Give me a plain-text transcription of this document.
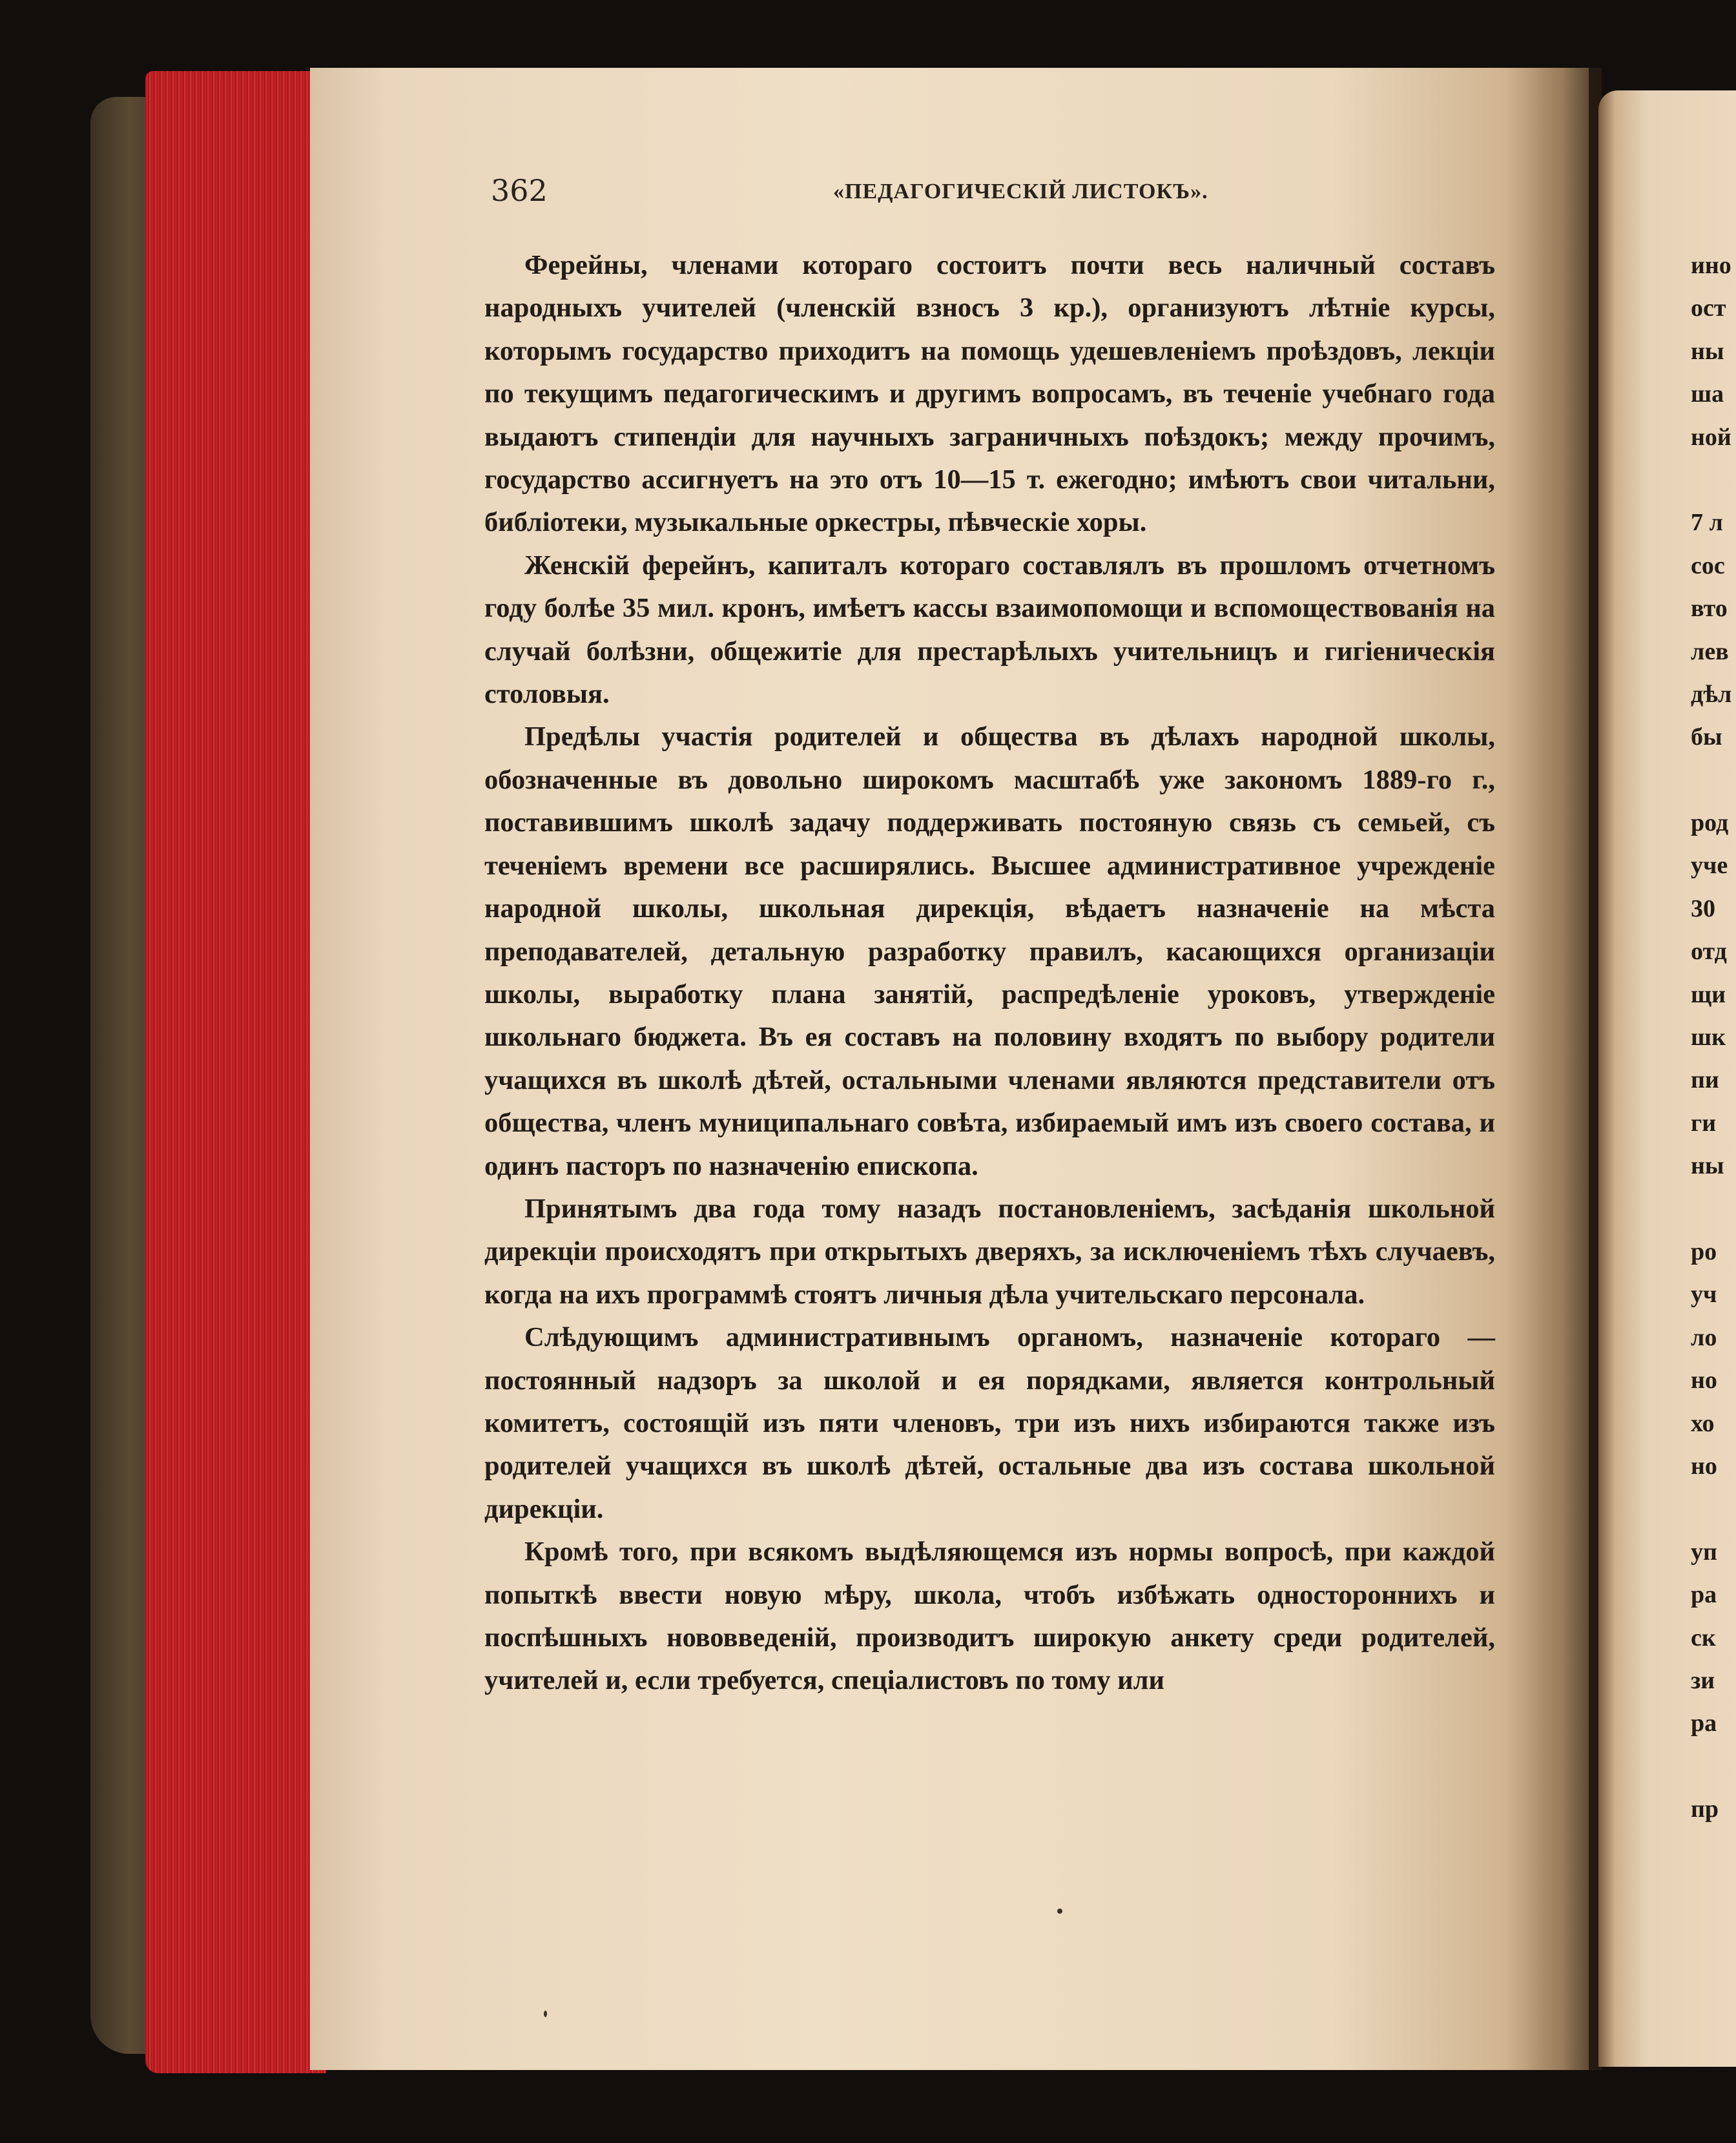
362	«ПЕДАГОГИЧЕСКІЙ ЛИСТОКЪ».

Ферейны, членами котораго состоитъ почти весь наличный составъ народныхъ учителей (членскій взносъ 3 кр.), организуютъ лѣтніе курсы, которымъ государство приходитъ на помощь удешевленіемъ проѣздовъ, лекціи по текущимъ педагогическимъ и другимъ вопросамъ, въ теченіе учебнаго года выдаютъ стипендіи для научныхъ заграничныхъ поѣздокъ; между прочимъ, государство ассигнуетъ на это отъ 10—15 т. ежегодно; имѣютъ свои читальни, библіотеки, музыкальные оркестры, пѣвческіе хоры.

Женскій ферейнъ, капиталъ котораго составлялъ въ прошломъ отчетномъ году болѣе 35 мил. кронъ, имѣетъ кассы взаимопомощи и вспомоществованія на случай болѣзни, общежитіе для престарѣлыхъ учительницъ и гигіеническія столовыя.

Предѣлы участія родителей и общества въ дѣлахъ народной школы, обозначенные въ довольно широкомъ масштабѣ уже закономъ 1889-го г., поставившимъ школѣ задачу поддерживать постояную связь съ семьей, съ теченіемъ времени все расширялись. Высшее административное учрежденіе народной школы, школьная дирекція, вѣдаетъ назначеніе на мѣста преподавателей, детальную разработку правилъ, касающихся организаціи школы, выработку плана занятій, распредѣленіе уроковъ, утвержденіе школьнаго бюджета. Въ ея составъ на половину входятъ по выбору родители учащихся въ школѣ дѣтей, остальными членами являются представители отъ общества, членъ муниципальнаго совѣта, избираемый имъ изъ своего состава, и одинъ пасторъ по назначенію епископа.

Принятымъ два года тому назадъ постановленіемъ, засѣданія школьной дирекціи происходятъ при открытыхъ дверяхъ, за исключеніемъ тѣхъ случаевъ, когда на ихъ программѣ стоятъ личныя дѣла учительскаго персонала.

Слѣдующимъ административнымъ органомъ, назначеніе котораго — постоянный надзоръ за школой и ея порядками, является контрольный комитетъ, состоящій изъ пяти членовъ, три изъ нихъ избираются также изъ родителей учащихся въ школѣ дѣтей, остальные два изъ состава школьной дирекціи.

Кромѣ того, при всякомъ выдѣляющемся изъ нормы вопросѣ, при каждой попыткѣ ввести новую мѣру, школа, чтобъ избѣжать одностороннихъ и поспѣшныхъ нововведеній, производитъ широкую анкету среди родителей, учителей и, если требуется, спеціалистовъ по тому или

ино
ост
ны
ша
ной
7 л
сос
вто
лев
дѣл
бы
род
уче
30
отд
щи
шк
пи
ги
ны
ро
уч
ло
но
хо
но
уп
ра
ск
зи
ра
пр
